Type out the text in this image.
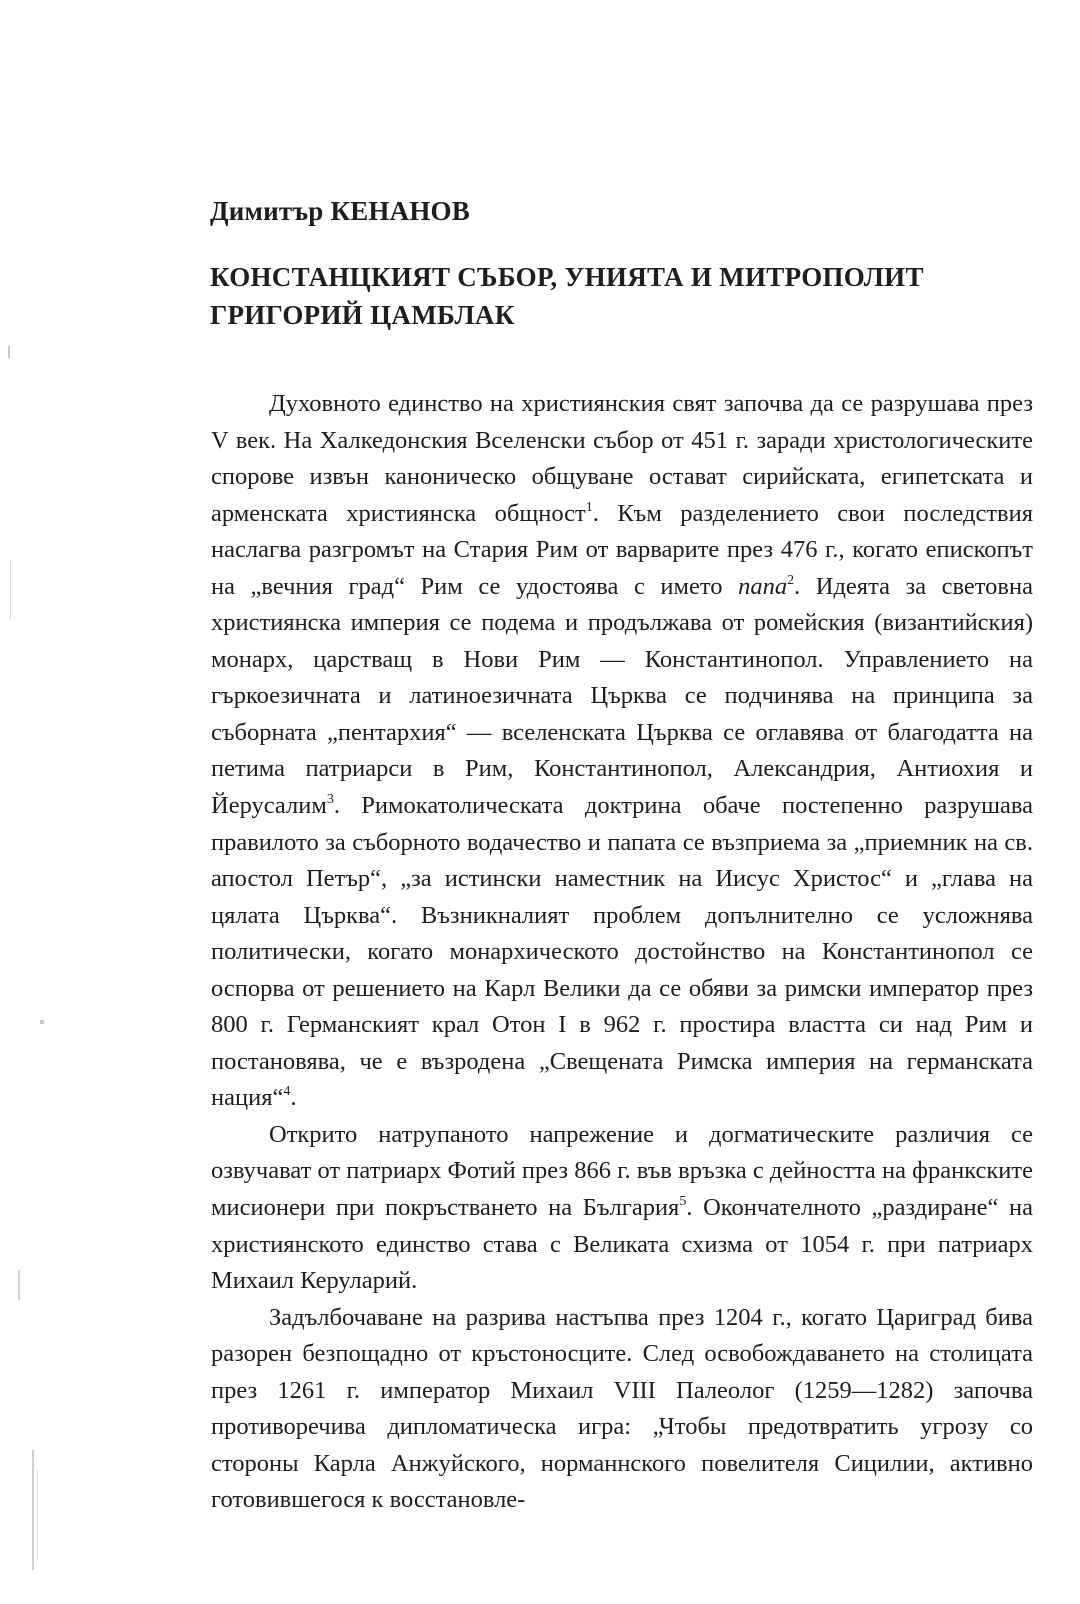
Димитър КЕНАНОВ
КОНСТАНЦКИЯТ СЪБОР, УНИЯТА И МИТРОПОЛИТ
ГРИГОРИЙ ЦАМБЛАК

Духовното единство на християнския свят започва да се разрушава през V век. На Халкедонския Вселенски събор от 451 г. заради христологическите спорове извън каноническо общуване остават сирийската, египетската и арменската християнска общност$^1$. Към разделението свои последствия наслагва разгромът на Стария Рим от варварите през 476 г., когато епископът на „вечния град“ Рим се удостоява с името папа$^2$. Идеята за световна християнска империя се подема и продължава от ромейския (византийския) монарх, царстващ в Нови Рим — Константинопол. Управлението на гъркоезичната и латиноезичната Църква се подчинява на принципа за съборната „пентархия“ — вселенската Църква се оглавява от благодатта на петима патриарси в Рим, Константинопол, Александрия, Антиохия и Йерусалим$^3$. Римокатолическата доктрина обаче постепенно разрушава правилото за съборното водачество и папата се възприема за „приемник на св. апостол Петър“, „за истински наместник на Иисус Христос“ и „глава на цялата Църква“. Възникналият проблем допълнително се усложнява политически, когато монархическото достойнство на Константинопол се оспорва от решението на Карл Велики да се обяви за римски император през 800 г. Германският крал Отон I в 962 г. простира властта си над Рим и постановява, че е възродена „Свещената Римска империя на германската нация“$^4$.

Открито натрупаното напрежение и догматическите различия се озвучават от патриарх Фотий през 866 г. във връзка с дейността на франкските мисионери при покръстването на България$^5$. Окончателното „раздиране“ на християнското единство става с Великата схизма от 1054 г. при патриарх Михаил Керуларий.

Задълбочаване на разрива настъпва през 1204 г., когато Цариград бива разорен безпощадно от кръстоносците. След освобождаването на столицата през 1261 г. император Михаил VIII Палеолог (1259—1282) започва противоречива дипломатическа игра: „Чтобы предотвратить угрозу со стороны Карла Анжуйского, норманнского повелителя Сицилии, активно готовившегося к восстановле-
